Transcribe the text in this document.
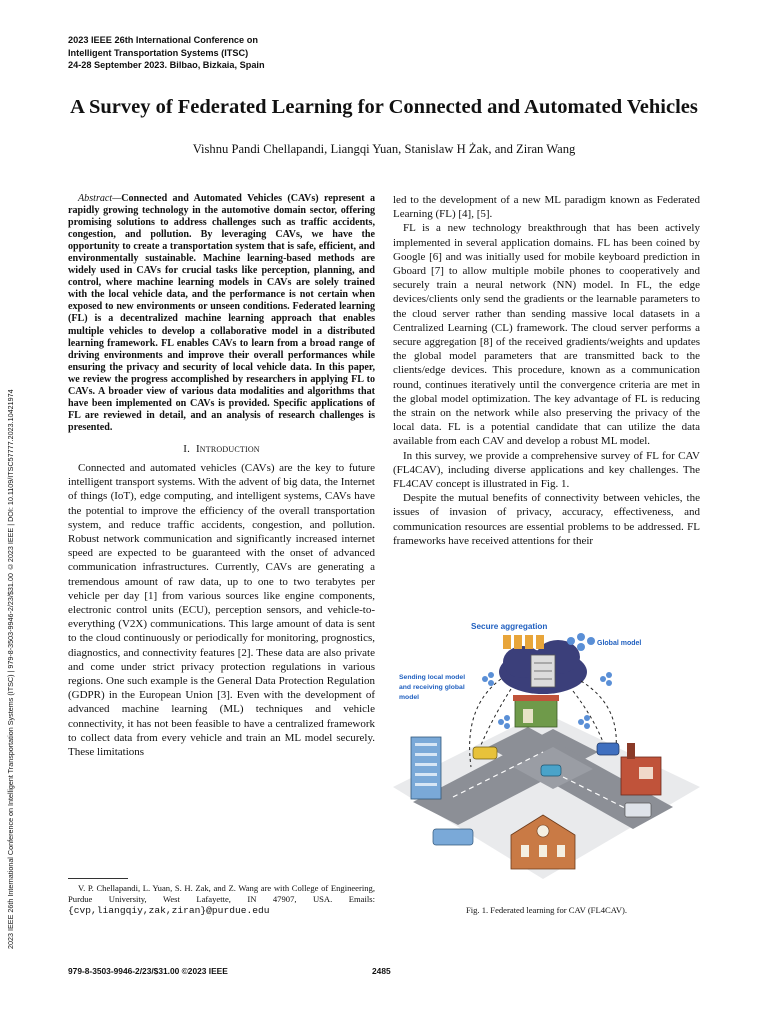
2023 IEEE 26th International Conference on Intelligent Transportation Systems (ITSC) | 979-8-3503-9946-2/23/$31.00 ©2023 IEEE | DOI: 10.1109/ITSC57777.2023.10421974
2023 IEEE 26th International Conference on
Intelligent Transportation Systems (ITSC)
24-28 September 2023. Bilbao, Bizkaia, Spain
A Survey of Federated Learning for Connected and Automated Vehicles
Vishnu Pandi Chellapandi, Liangqi Yuan, Stanislaw H Żak, and Ziran Wang
Abstract—Connected and Automated Vehicles (CAVs) represent a rapidly growing technology in the automotive domain sector, offering promising solutions to address challenges such as traffic accidents, congestion, and pollution. By leveraging CAVs, we have the opportunity to create a transportation system that is safe, efficient, and environmentally sustainable. Machine learning-based methods are widely used in CAVs for crucial tasks like perception, planning, and control, where machine learning models in CAVs are solely trained with the local vehicle data, and the performance is not certain when exposed to new environments or unseen conditions. Federated learning (FL) is a decentralized machine learning approach that enables multiple vehicles to develop a collaborative model in a distributed learning framework. FL enables CAVs to learn from a broad range of driving environments and improve their overall performances while ensuring the privacy and security of local vehicle data. In this paper, we review the progress accomplished by researchers in applying FL to CAVs. A broader view of various data modalities and algorithms that have been implemented on CAVs is provided. Specific applications of FL are reviewed in detail, and an analysis of research challenges is presented.
I. Introduction

Connected and automated vehicles (CAVs) are the key to future intelligent transport systems. With the advent of big data, the Internet of things (IoT), edge computing, and intelligent systems, CAVs have the potential to improve the efficiency of the overall transportation system, and reduce traffic accidents, congestion, and pollution. Robust network communication and significantly increased internet speed are expected to be guaranteed with the onset of advanced communication infrastructures. Currently, CAVs are generating a tremendous amount of raw data, up to one to two terabytes per vehicle per day [1] from various sources like engine components, electronic control units (ECU), perception sensors, and vehicle-to-everything (V2X) communications. This large amount of data is sent to the cloud continuously or periodically for monitoring, prognostics, diagnostics, and connectivity features [2]. These data are also private and come under strict privacy protection regulations in various regions. One such example is the General Data Protection Regulation (GDPR) in the European Union [3]. Even with the development of advanced machine learning (ML) techniques and vehicle connectivity, it has not been feasible to have a centralized framework to collect data from every vehicle and train an ML model securely. These limitations

led to the development of a new ML paradigm known as Federated Learning (FL) [4], [5].

FL is a new technology breakthrough that has been actively implemented in several application domains. FL has been coined by Google [6] and was initially used for mobile keyboard prediction in Gboard [7] to allow multiple mobile phones to cooperatively and securely train a neural network (NN) model. In FL, the edge devices/clients only send the gradients or the learnable parameters to the cloud server rather than sending massive local datasets in a Centralized Learning (CL) framework. The cloud server performs a secure aggregation [8] of the received gradients/weights and updates the global model parameters that are transmitted back to the clients/edge devices. This procedure, known as a communication round, continues iteratively until the convergence criteria are met in the global model optimization. The key advantage of FL is reducing the strain on the network while also preserving the privacy of the local data. FL is a potential candidate that can utilize the data available from each CAV and develop a robust ML model.

In this survey, we provide a comprehensive survey of FL for CAV (FL4CAV), including diverse applications and key challenges. The FL4CAV concept is illustrated in Fig. 1.

Despite the mutual benefits of connectivity between vehicles, the issues of invasion of privacy, accuracy, effectiveness, and communication resources are essential problems to be addressed. FL frameworks have received attentions for their

Secure aggregation
Global model
Sending local model
and receiving global
model
Fig. 1. Federated learning for CAV (FL4CAV).
V. P. Chellapandi, L. Yuan, S. H. Zak, and Z. Wang are with College of Engineering, Purdue University, West Lafayette, IN 47907, USA. Emails: {cvp,liangqiy,zak,ziran}@purdue.edu
979-8-3503-9946-2/23/$31.00 ©2023 IEEE	2485
